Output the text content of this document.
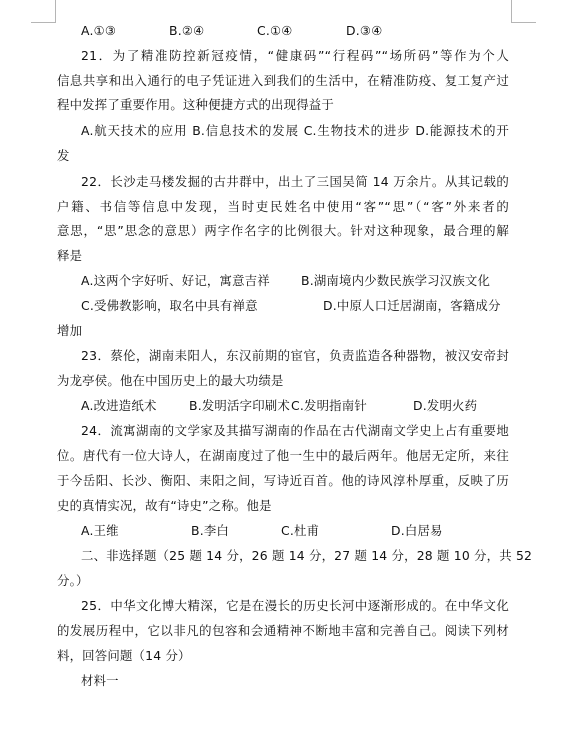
A.①③	B.②④	C.①④	D.③④
21．为了精准防控新冠疫情，“健康码”“行程码”“场所码”等作为个人
信息共享和出入通行的电子凭证进入到我们的生活中，在精准防疫、复工复产过
程中发挥了重要作用。这种便捷方式的出现得益于
A.航天技术的应用 B.信息技术的发展 C.生物技术的进步 D.能源技术的开
发
22．长沙走马楼发掘的古井群中，出土了三国吴简 14 万余片。从其记载的
户籍、书信等信息中发现，当时吏民姓名中使用“客”“思”（“客”外来者的
意思，“思”思念的意思）两字作名字的比例很大。针对这种现象，最合理的解
释是
A.这两个字好听、好记，寓意吉祥	B.湖南境内少数民族学习汉族文化
C.受佛教影响，取名中具有禅意	D.中原人口迁居湖南，客籍成分
增加
23．蔡伦，湖南耒阳人，东汉前期的宦官，负责监造各种器物，被汉安帝封
为龙亭侯。他在中国历史上的最大功绩是
A.改进造纸术	B.发明活字印刷术 C.发明指南针	D.发明火药
24．流寓湖南的文学家及其描写湖南的作品在古代湖南文学史上占有重要地
位。唐代有一位大诗人，在湖南度过了他一生中的最后两年。他居无定所，来往
于今岳阳、长沙、衡阳、耒阳之间，写诗近百首。他的诗风淳朴厚重，反映了历
史的真情实况，故有“诗史”之称。他是
A.王维	B.李白	C.杜甫	D.白居易
二、非选择题（25 题 14 分，26 题 14 分，27 题 14 分，28 题 10 分，共 52
分。）
25．中华文化博大精深，它是在漫长的历史长河中逐渐形成的。在中华文化
的发展历程中，它以非凡的包容和会通精神不断地丰富和完善自己。阅读下列材
料，回答问题（14 分）
材料一
